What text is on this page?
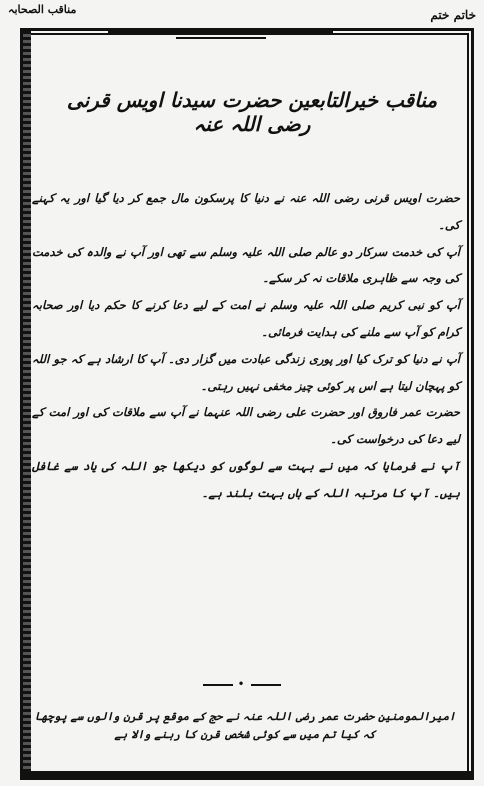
مناقب الصحابہ	خاتم ختم
مناقب خیرالتابعین حضرت سیدنا اویس قرنی رضی اللہ عنہ

حضرت اویس قرنی رضی اللہ عنہ نے دنیا کا پرسکون مال جمع کر دیا گیا اور یہ کہنے کی۔

آپ کی خدمت سرکار دو عالم صلی اللہ علیہ وسلم سے تھی اور آپ نے والدہ کی خدمت کی وجہ سے ظاہری ملاقات نہ کر سکے۔

آپ کو نبی کریم صلی اللہ علیہ وسلم نے امت کے لیے دعا کرنے کا حکم دیا اور صحابہ کرام کو آپ سے ملنے کی ہدایت فرمائی۔

آپ نے دنیا کو ترک کیا اور پوری زندگی عبادت میں گزار دی۔ آپ کا ارشاد ہے کہ جو اللہ کو پہچان لیتا ہے اس پر کوئی چیز مخفی نہیں رہتی۔

حضرت عمر فاروق اور حضرت علی رضی اللہ عنہما نے آپ سے ملاقات کی اور امت کے لیے دعا کی درخواست کی۔

آپ نے فرمایا کہ میں نے بہت سے لوگوں کو دیکھا جو اللہ کی یاد سے غافل ہیں۔ آپ کا مرتبہ اللہ کے ہاں بہت بلند ہے۔

•
امیرالمومنین حضرت عمر رضی اللہ عنہ نے حج کے موقع پر قرن والوں سے پوچھا کہ کیا تم میں سے کوئی شخص قرن کا رہنے والا ہے
